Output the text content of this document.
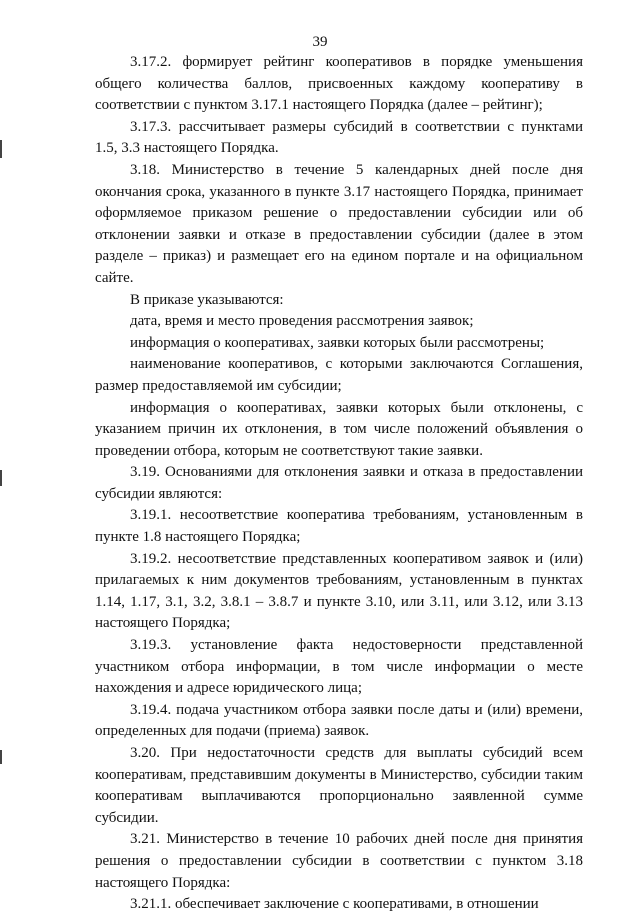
39

3.17.2. формирует рейтинг кооперативов в порядке уменьшения общего количества баллов, присвоенных каждому кооперативу в соответствии с пунктом 3.17.1 настоящего Порядка (далее – рейтинг);

3.17.3. рассчитывает размеры субсидий в соответствии с пунктами 1.5, 3.3 настоящего Порядка.

3.18. Министерство в течение 5 календарных дней после дня окончания срока, указанного в пункте 3.17 настоящего Порядка, принимает оформляемое приказом решение о предоставлении субсидии или об отклонении заявки и отказе в предоставлении субсидии (далее в этом разделе – приказ) и размещает его на едином портале и на официальном сайте.

В приказе указываются:

дата, время и место проведения рассмотрения заявок;

информация о кооперативах, заявки которых были рассмотрены;

наименование кооперативов, с которыми заключаются Соглашения, размер предоставляемой им субсидии;

информация о кооперативах, заявки которых были отклонены, с указанием причин их отклонения, в том числе положений объявления о проведении отбора, которым не соответствуют такие заявки.

3.19. Основаниями для отклонения заявки и отказа в предоставлении субсидии являются:

3.19.1. несоответствие кооператива требованиям, установленным в пункте 1.8 настоящего Порядка;

3.19.2. несоответствие представленных кооперативом заявок и (или) прилагаемых к ним документов требованиям, установленным в пунктах 1.14, 1.17, 3.1, 3.2, 3.8.1 – 3.8.7 и пункте 3.10, или 3.11, или 3.12, или 3.13 настоящего Порядка;

3.19.3. установление факта недостоверности представленной участником отбора информации, в том числе информации о месте нахождения и адресе юридического лица;

3.19.4. подача участником отбора заявки после даты и (или) времени, определенных для подачи (приема) заявок.

3.20. При недостаточности средств для выплаты субсидий всем кооперативам, представившим документы в Министерство, субсидии таким кооперативам выплачиваются пропорционально заявленной сумме субсидии.

3.21. Министерство в течение 10 рабочих дней после дня принятия решения о предоставлении субсидии в соответствии с пунктом 3.18 настоящего Порядка:

3.21.1. обеспечивает заключение с кооперативами, в отношении
